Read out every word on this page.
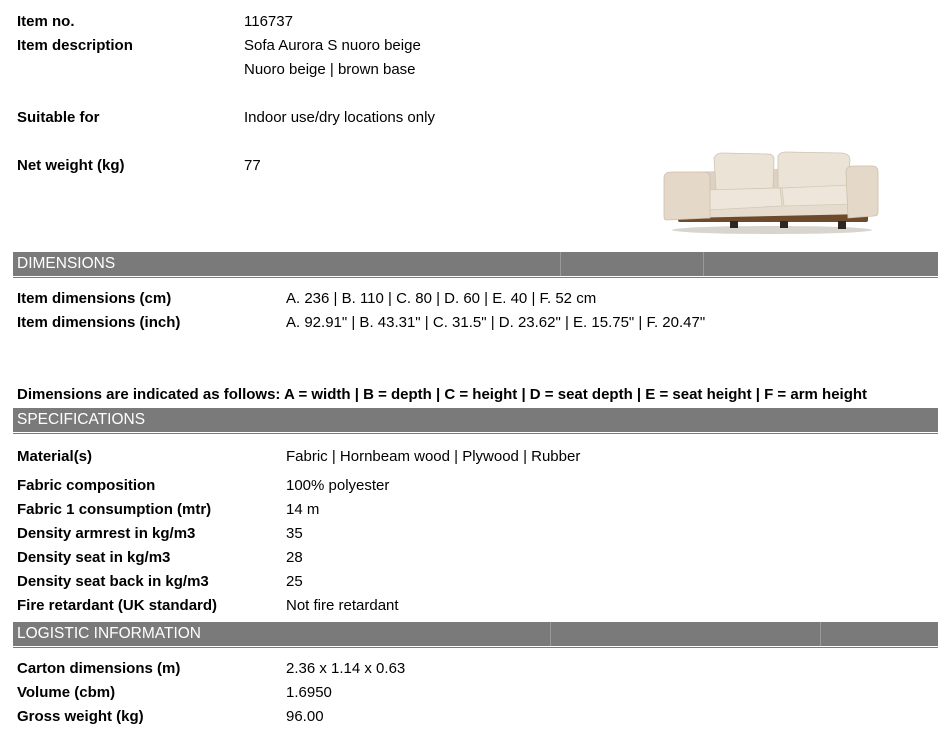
Item no.	116737
Item description	Sofa Aurora S nuoro beige
Nuoro beige | brown base
Suitable for	Indoor use/dry locations only
Net weight (kg)	77
DIMENSIONS
Item dimensions (cm)	A. 236 | B. 110 | C. 80 | D. 60 | E. 40 | F. 52 cm
Item dimensions (inch)	A. 92.91" | B. 43.31" | C. 31.5" | D. 23.62" | E. 15.75" | F. 20.47"
Dimensions are indicated as follows: A = width | B = depth | C = height | D = seat depth | E = seat height | F = arm height
SPECIFICATIONS
Material(s)	Fabric | Hornbeam wood | Plywood | Rubber
Fabric composition	100% polyester
Fabric 1 consumption (mtr)	14 m
Density armrest in kg/m3	35
Density seat in kg/m3	28
Density seat back in kg/m3	25
Fire retardant (UK standard)	Not fire retardant
LOGISTIC INFORMATION
Carton dimensions (m)	2.36 x 1.14 x 0.63
Volume (cbm)	1.6950
Gross weight (kg)	96.00
